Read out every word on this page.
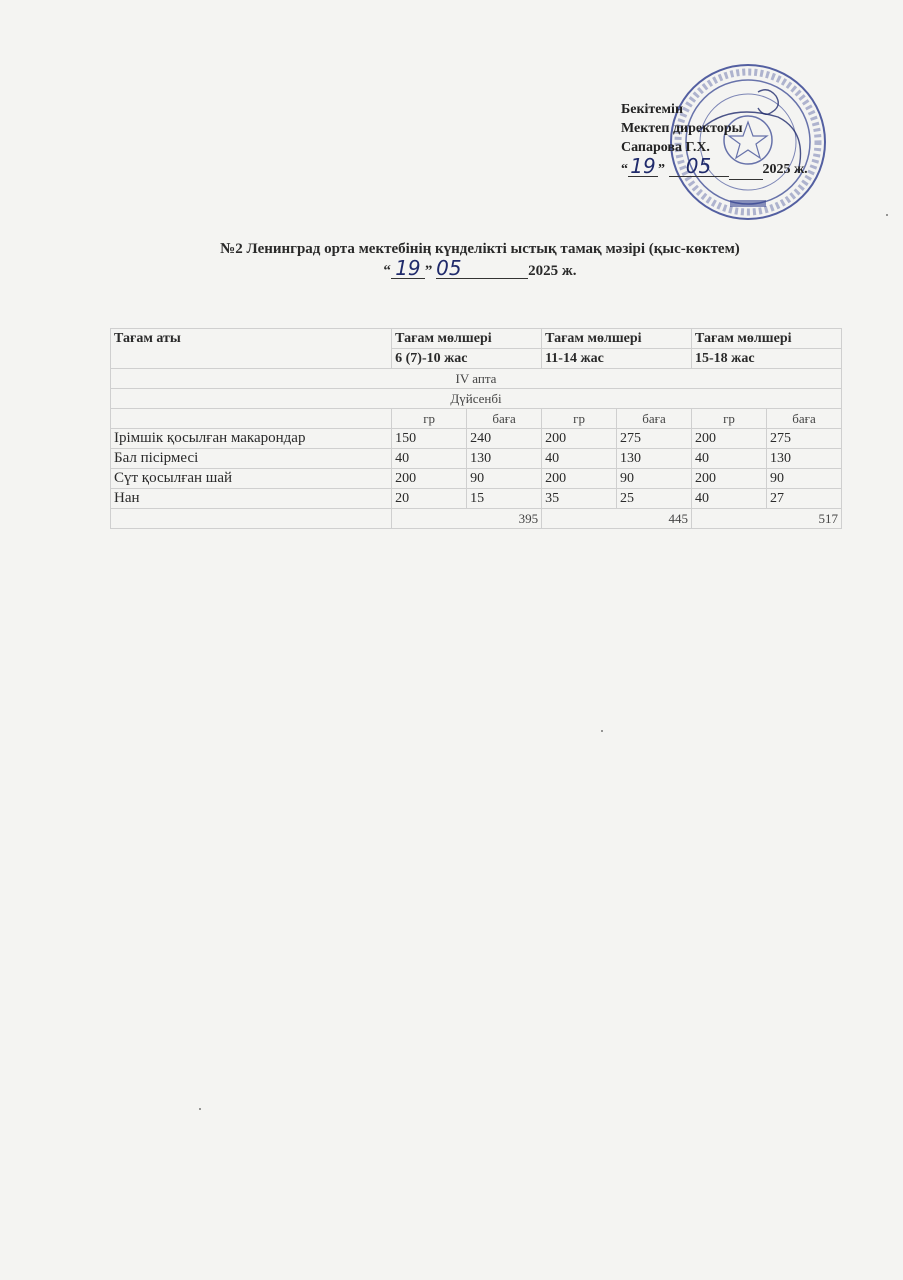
Бекітемін
Мектеп директоры
Сапарова Г.Х.
“ 19 ” 05	2025 ж.
№2 Ленинград орта мектебінің күнделікті ыстық тамақ мәзірі (қыс-көктем)
“ 19 ” 05	2025 ж.
Тағам аты	Тағам мөлшері		Тағам мөлшері		Тағам мөлшері	
	6 (7)-10 жас		11-14 жас		15-18 жас	
IV апта						
Дүйсенбі						
	гр	баға	гр	баға	гр	баға
Ірімшік қосылған макарондар	150	240	200	275	200	275
Бал пісірмесі	40	130	40	130	40	130
Сүт қосылған шай	200	90	200	90	200	90
Нан	20	15	35	25	40	27
	395		445		517	
